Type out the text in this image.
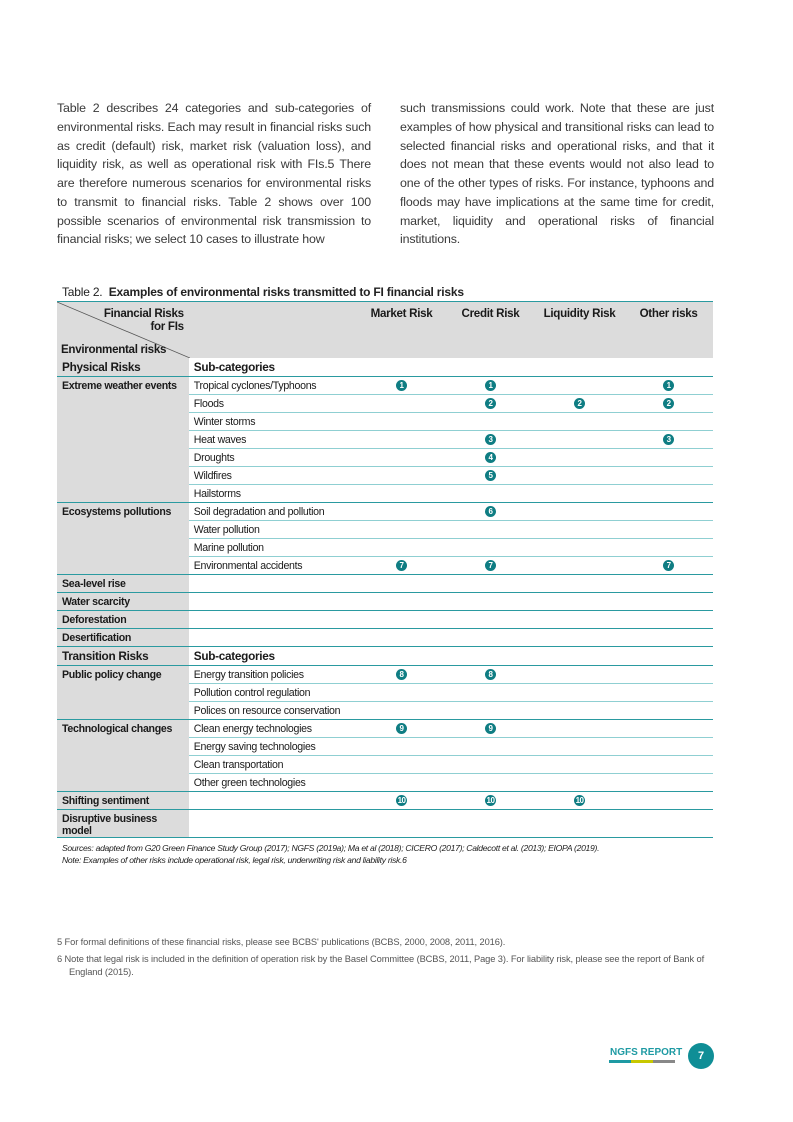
Table 2 describes 24 categories and sub-categories of environmental risks. Each may result in financial risks such as credit (default) risk, market risk (valuation loss), and liquidity risk, as well as operational risk with FIs.5 There are therefore numerous scenarios for environmental risks to transmit to financial risks. Table 2 shows over 100 possible scenarios of environmental risk transmission to financial risks; we select 10 cases to illustrate how
such transmissions could work. Note that these are just examples of how physical and transitional risks can lead to selected financial risks and operational risks, and that it does not mean that these events would not also lead to one of the other types of risks. For instance, typhoons and floods may have implications at the same time for credit, market, liquidity and operational risks of financial institutions.
Table 2. Examples of environmental risks transmitted to FI financial risks
Financial Risks for FIs
Environmental risks		Market Risk	Credit Risk	Liquidity Risk	Other risks
Physical Risks	Sub-categories				
Extreme weather events	Tropical cyclones/Typhoons	1	1		1
	Floods		2	2	2
	Winter storms				
	Heat waves		3		3
	Droughts		4		
	Wildfires		5		
	Hailstorms				
Ecosystems pollutions	Soil degradation and pollution		6		
	Water pollution				
	Marine pollution				
	Environmental accidents	7	7		7
Sea-level rise					
Water scarcity					
Deforestation					
Desertification					
Transition Risks	Sub-categories				
Public policy change	Energy transition policies	8	8		
	Pollution control regulation				
	Polices on resource conservation				
Technological changes	Clean energy technologies	9	9		
	Energy saving technologies				
	Clean transportation				
	Other green technologies				
Shifting sentiment		10	10	10	
Disruptive business model					
Sources: adapted from G20 Green Finance Study Group (2017); NGFS (2019a); Ma et al (2018); CICERO (2017); Caldecott et al. (2013); EIOPA (2019).
Note: Examples of other risks include operational risk, legal risk, underwriting risk and liability risk.6
5 For formal definitions of these financial risks, please see BCBS' publications (BCBS, 2000, 2008, 2011, 2016).
6 Note that legal risk is included in the definition of operation risk by the Basel Committee (BCBS, 2011, Page 3). For liability risk, please see the report of Bank of England (2015).
NGFS REPORT	7
